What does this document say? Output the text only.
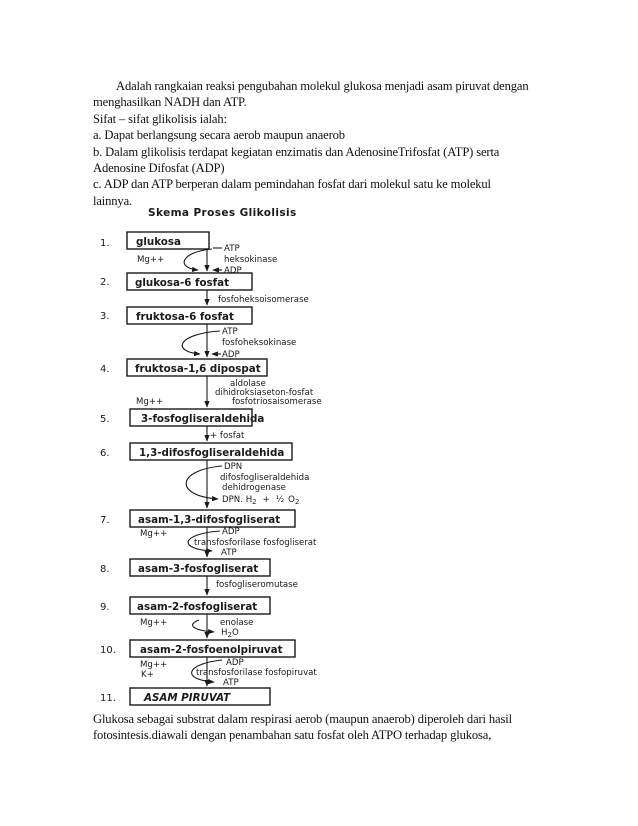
Adalah rangkaian reaksi pengubahan molekul glukosa menjadi asam piruvat dengan

menghasilkan NADH dan ATP.

Sifat – sifat glikolisis ialah:

a. Dapat berlangsung secara aerob maupun anaerob

b. Dalam glikolisis terdapat kegiatan enzimatis dan AdenosineTrifosfat (ATP) serta

Adenosine Difosfat (ADP)

c. ADP dan ATP berperan dalam pemindahan fosfat dari molekul satu ke molekul

lainnya.

Skema Proses Glikolisis
1.	glukosa
2. glukosa-6 fosfat
3.	fruktosa-6 fosfat
4. fruktosa-1,6 dipospat
5.	3-fosfogliseraldehida
6.	1,3-difosfogliseraldehida
7.	asam-1,3-difosfogliserat
8.	asam-3-fosfogliserat
9.	asam-2-fosfogliserat
10. asam-2-fosfoenolpiruvat
11.	ASAM PIRUVAT
Mg++
ATP
heksokinase
ADP
fosfoheksoisomerase
ATP
fosfoheksokinase
ADP
aldolase
dihidroksiaseton-fosfat
fosfotriosaisomerase
Mg++
+ fosfat
DPN
difosfogliseraldehida
dehidrogenase
DPN. $H_2$ + ½ $O_2$
Mg++	ADP
transfosforilase fosfogliserat
ATP
fosfogliseromutase
Mg++	enolase
$H_2O$
Mg++
K+
ADP
transfosforilase fosfopiruvat
ATP

Glukosa sebagai substrat dalam respirasi aerob (maupun anaerob) diperoleh dari hasil

fotosintesis.diawali dengan penambahan satu fosfat oleh ATPO terhadap glukosa,
